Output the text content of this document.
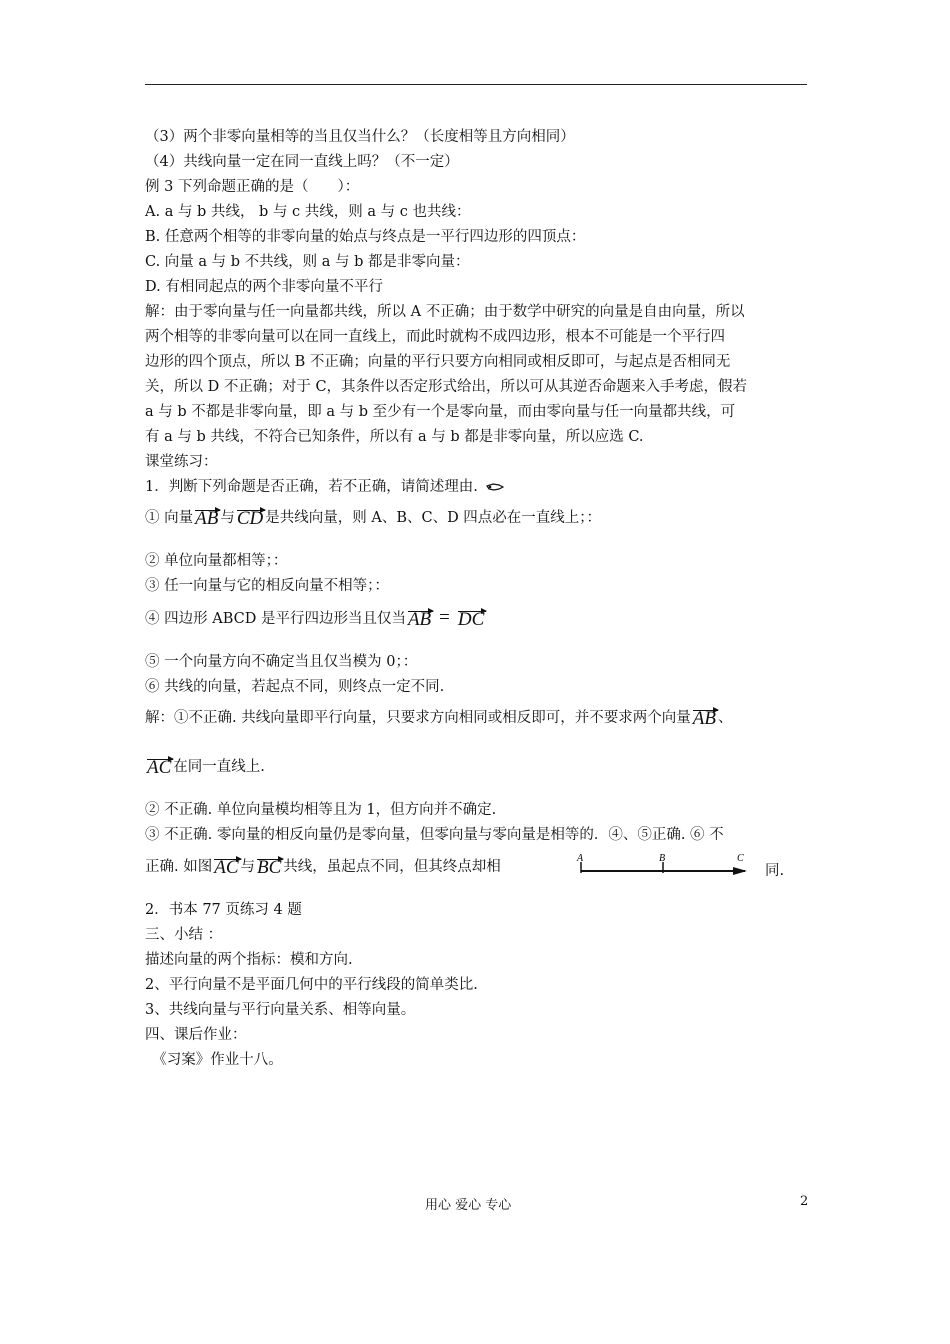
（3）两个非零向量相等的当且仅当什么？（长度相等且方向相同）
（4）共线向量一定在同一直线上吗？（不一定）
例 3 下列命题正确的是（　　）：
A. a 与 b 共线， b 与 c 共线，则 a 与 c 也共线：
B. 任意两个相等的非零向量的始点与终点是一平行四边形的四顶点：
C. 向量 a 与 b 不共线，则 a 与 b 都是非零向量：
D. 有相同起点的两个非零向量不平行
解：由于零向量与任一向量都共线，所以 A 不正确；由于数学中研究的向量是自由向量，所以
两个相等的非零向量可以在同一直线上，而此时就构不成四边形，根本不可能是一个平行四
边形的四个顶点，所以 B 不正确；向量的平行只要方向相同或相反即可，与起点是否相同无
关，所以 D 不正确；对于 C，其条件以否定形式给出，所以可从其逆否命题来入手考虑，假若
a 与 b 不都是非零向量，即 a 与 b 至少有一个是零向量，而由零向量与任一向量都共线，可
有 a 与 b 共线，不符合已知条件，所以有 a 与 b 都是非零向量，所以应选 C.
课堂练习：
1．判断下列命题是否正确，若不正确，请简述理由.
① 向量 AB 与 CD 是共线向量，则 A、B、C、D 四点必在一直线上；：
② 单位向量都相等；：
③ 任一向量与它的相反向量不相等；：
④ 四边形 ABCD 是平行四边形当且仅当 AB = DC
⑤ 一个向量方向不确定当且仅当模为 0；：
⑥ 共线的向量，若起点不同，则终点一定不同.
解：①不正确. 共线向量即平行向量，只要求方向相同或相反即可，并不要求两个向量 AB 、
AC 在同一直线上.
② 不正确. 单位向量模均相等且为 1，但方向并不确定.
③ 不正确. 零向量的相反向量仍是零向量，但零向量与零向量是相等的．④、⑤正确. ⑥ 不
正确. 如图 AC 与 BC 共线，虽起点不同，但其终点却相	同.
A	B	C
2．书本 77 页练习 4 题
三、小结 ：
描述向量的两个指标：模和方向.
2、平行向量不是平面几何中的平行线段的简单类比.
3、共线向量与平行向量关系、相等向量。
四、课后作业：
　《习案》作业十八。
用心 爱心 专心	2
